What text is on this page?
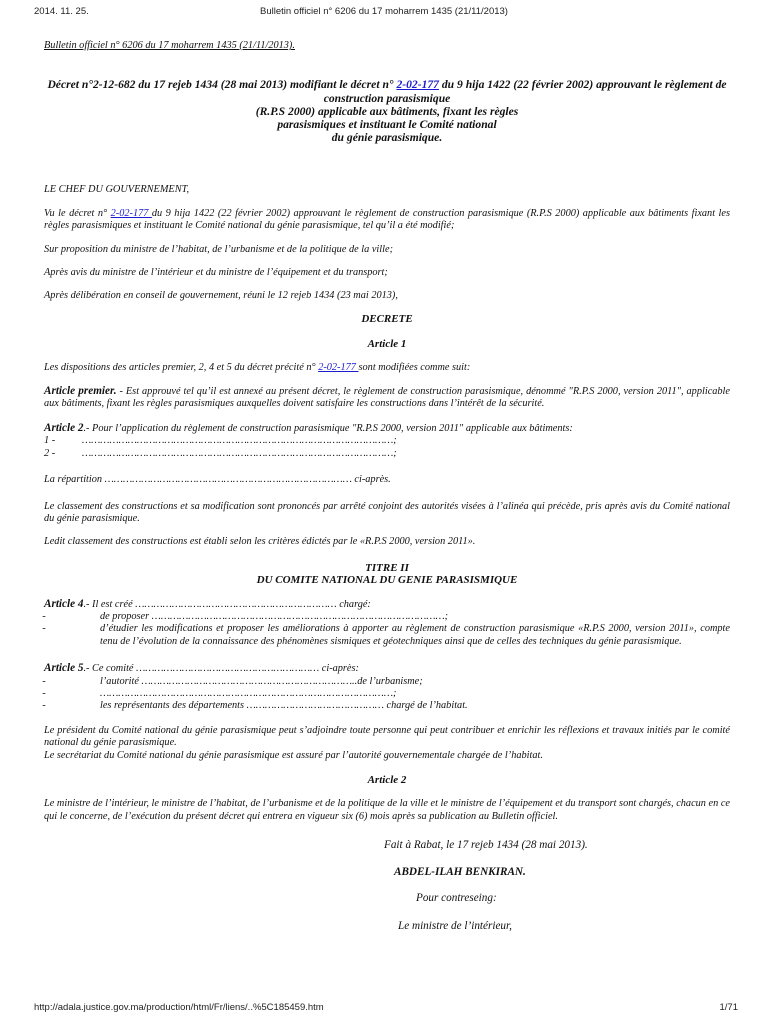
2014. 11. 25.	Bulletin officiel n° 6206 du 17 moharrem 1435 (21/11/2013)

Bulletin officiel n° 6206 du 17 moharrem 1435 (21/11/2013).

Décret n°2-12-682 du 17 rejeb 1434 (28 mai 2013) modifiant le décret n° 2-02-177 du 9 hija 1422 (22 février 2002) approuvant le règlement de construction parasismique
(R.P.S 2000) applicable aux bâtiments, fixant les règles
parasismiques et instituant le Comité national
du génie parasismique.

LE CHEF DU GOUVERNEMENT,

Vu le décret n° 2-02-177 du 9 hija 1422 (22 février 2002) approuvant le règlement de construction parasismique (R.P.S 2000) applicable aux bâtiments fixant les règles parasismiques et instituant le Comité national du génie parasismique, tel qu’il a été modifié;

Sur proposition du ministre de l’habitat, de l’urbanisme et de la politique de la ville;

Après avis du ministre de l’intérieur et du ministre de l’équipement et du transport;

Après délibération en conseil de gouvernement, réuni le 12 rejeb 1434 (23 mai 2013),

DECRETE

Article 1

Les dispositions des articles premier, 2, 4 et 5 du décret précité n° 2-02-177 sont modifiées comme suit:

Article premier. - Est approuvé tel qu’il est annexé au présent décret, le règlement de construction parasismique, dénommé "R.P.S 2000, version 2011", applicable aux bâtiments, fixant les règles parasismiques auxquelles doivent satisfaire les constructions dans l’intérêt de la sécurité.

Article 2.- Pour l’application du règlement de construction parasismique "R.P.S 2000, version 2011" applicable aux bâtiments:

1 -	…………………………………………………………………………………………;

2 -	…………………………………………………………………………………………;

La répartition ……………………………………………………………………… ci-après.

Le classement des constructions et sa modification sont prononcés par arrêté conjoint des autorités visées à l’alinéa qui précède, pris après avis du Comité national du génie parasismique.

Ledit classement des constructions est établi selon les critères édictés par le «R.P.S 2000, version 2011».

TITRE II

DU COMITE NATIONAL DU GENIE PARASISMIQUE

Article 4.- Il est créé ………………………………………………………… chargé:

-	de proposer ……………………………………………………………………………………;

-	d’étudier les modifications et proposer les améliorations à apporter au règlement de construction parasismique «R.P.S 2000, version 2011», compte tenu de l’évolution de la connaissance des phénomènes sismiques et géotechniques ainsi que de celles des techniques du génie parasismique.

Article 5.- Ce comité …………………………………………………… ci-après:

-	l’autorité ……………………………………………………………..de l’urbanisme;

-	……………………………………………………………………………………;

-	les représentants des départements ……………………………………… chargé de l’habitat.

Le président du Comité national du génie parasismique peut s’adjoindre toute personne qui peut contribuer et enrichir les réflexions et travaux initiés par le comité national du génie parasismique.

Le secrétariat du Comité national du génie parasismique est assuré par l’autorité gouvernementale chargée de l’habitat.

Article 2

Le ministre de l’intérieur, le ministre de l’habitat, de l’urbanisme et de la politique de la ville et le ministre de l’équipement et du transport sont chargés, chacun en ce qui le concerne, de l’exécution du présent décret qui entrera en vigueur six (6) mois après sa publication au Bulletin officiel.

Fait à Rabat, le 17 rejeb 1434 (28 mai 2013).

ABDEL-ILAH BENKIRAN.

Pour contreseing:

Le ministre de l’intérieur,

http://adala.justice.gov.ma/production/html/Fr/liens/..%5C185459.htm	1/71
